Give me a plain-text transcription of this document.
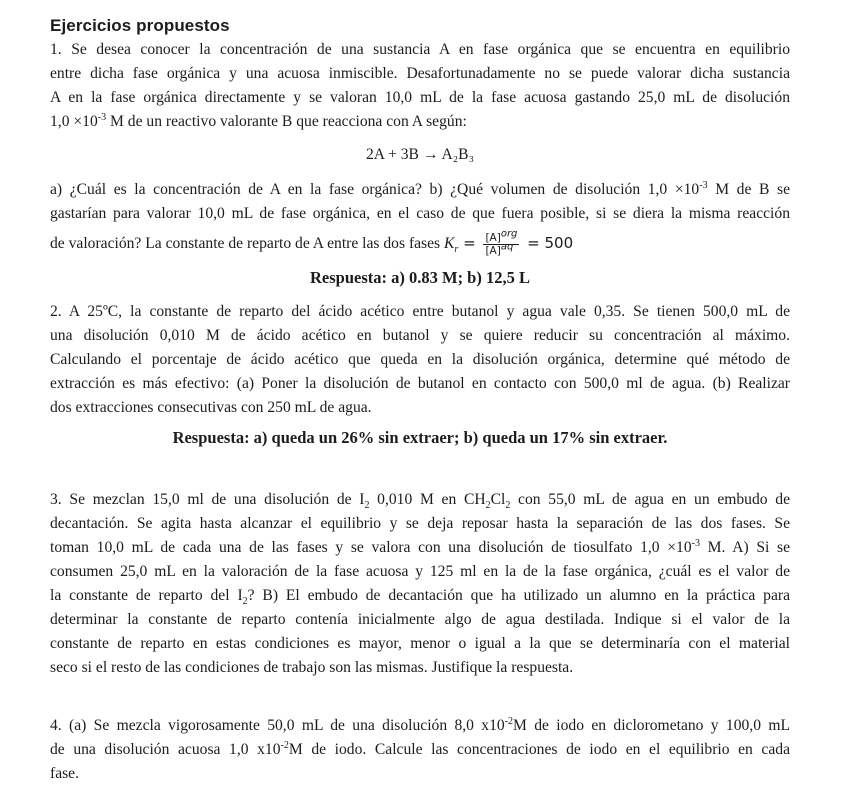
Ejercicios propuestos
1. Se desea conocer la concentración de una sustancia A en fase orgánica que se encuentra en equilibrio
entre dicha fase orgánica y una acuosa inmiscible. Desafortunadamente no se puede valorar dicha sustancia
A en la fase orgánica directamente y se valoran 10,0 mL de la fase acuosa gastando 25,0 mL de disolución
$1,0 \times 10^{-3}$ M de un reactivo valorante B que reacciona con A según:
2A + 3B → A₂B₃
a) ¿Cuál es la concentración de A en la fase orgánica? b) ¿Qué volumen de disolución $1,0 \times 10^{-3}$ M de B se
gastarían para valorar 10,0 mL de fase orgánica, en el caso de que fuera posible, si se diera la misma reacción
de valoración? La constante de reparto de A entre las dos fases $K_r = \frac{[A]^{org}}{[A]^{aq}} = 500$
Respuesta: a) 0.83 M; b) 12,5 L
2. A 25ºC, la constante de reparto del ácido acético entre butanol y agua vale 0,35. Se tienen 500,0 mL de
una disolución 0,010 M de ácido acético en butanol y se quiere reducir su concentración al máximo.
Calculando el porcentaje de ácido acético que queda en la disolución orgánica, determine qué método de
extracción es más efectivo: (a) Poner la disolución de butanol en contacto con 500,0 ml de agua. (b) Realizar
dos extracciones consecutivas con 250 mL de agua.
Respuesta: a) queda un 26% sin extraer; b) queda un 17% sin extraer.
3. Se mezclan 15,0 ml de una disolución de $I_2$ 0,010 M en $CH_2Cl_2$ con 55,0 mL de agua en un embudo de
decantación. Se agita hasta alcanzar el equilibrio y se deja reposar hasta la separación de las dos fases. Se
toman 10,0 mL de cada una de las fases y se valora con una disolución de tiosulfato $1,0 \times 10^{-3}$ M. A) Si se
consumen 25,0 mL en la valoración de la fase acuosa y 125 ml en la de la fase orgánica, ¿cuál es el valor de
la constante de reparto del $I_2$? B) El embudo de decantación que ha utilizado un alumno en la práctica para
determinar la constante de reparto contenía inicialmente algo de agua destilada. Indique si el valor de la
constante de reparto en estas condiciones es mayor, menor o igual a la que se determinaría con el material
seco si el resto de las condiciones de trabajo son las mismas. Justifique la respuesta.
4. (a) Se mezcla vigorosamente 50,0 mL de una disolución 8,0 $x10^{-2}M$ de iodo en diclorometano y 100,0 mL
de una disolución acuosa 1,0 $x10^{-2}M$ de iodo. Calcule las concentraciones de iodo en el equilibrio en cada
fase.
